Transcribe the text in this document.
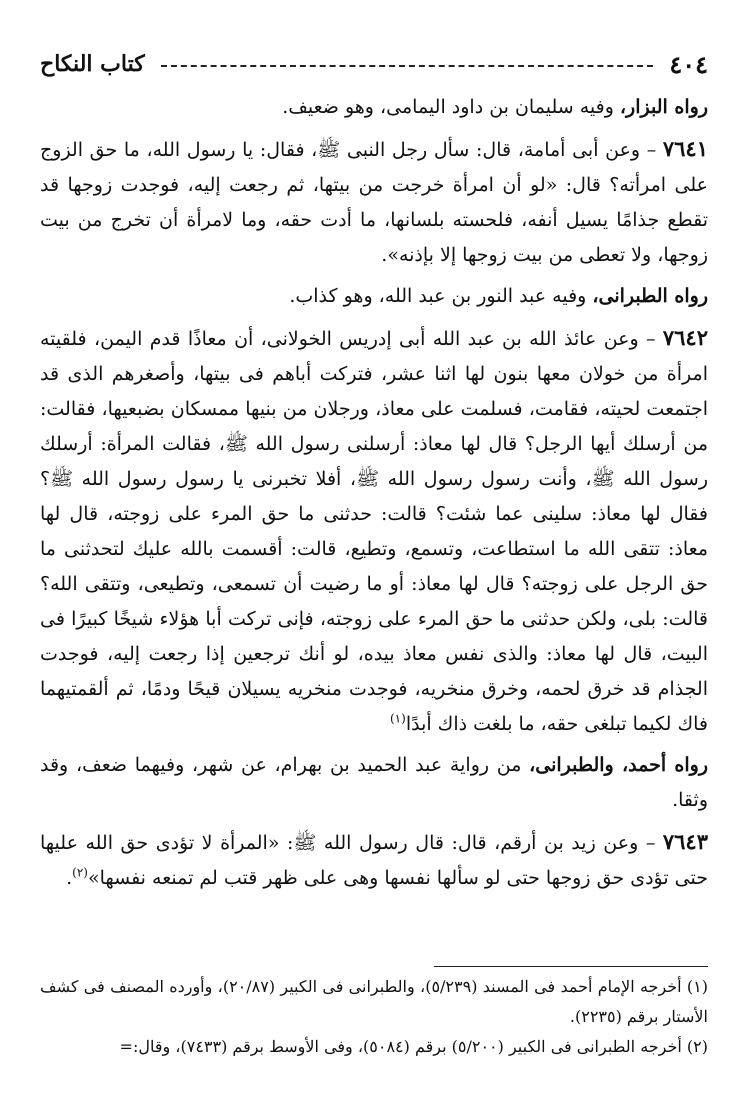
٤٠٤
كتاب النكاح

رواه البزار، وفيه سليمان بن داود اليمامى، وهو ضعيف.

٧٦٤١ – وعن أبى أمامة، قال: سأل رجل النبى ﷺ، فقال: يا رسول الله، ما حق الزوج على امرأته؟ قال: «لو أن امرأة خرجت من بيتها، ثم رجعت إليه، فوجدت زوجها قد تقطع جذامًا يسيل أنفه، فلحسته بلسانها، ما أدت حقه، وما لامرأة أن تخرج من بيت زوجها، ولا تعطى من بيت زوجها إلا بإذنه».

رواه الطبرانى، وفيه عبد النور بن عبد الله، وهو كذاب.

٧٦٤٢ – وعن عائذ الله بن عبد الله أبى إدريس الخولانى، أن معاذًا قدم اليمن، فلقيته امرأة من خولان معها بنون لها اثنا عشر، فتركت أباهم فى بيتها، وأصغرهم الذى قد اجتمعت لحيته، فقامت، فسلمت على معاذ، ورجلان من بنيها ممسكان بضبعيها، فقالت: من أرسلك أيها الرجل؟ قال لها معاذ: أرسلنى رسول الله ﷺ، فقالت المرأة: أرسلك رسول الله ﷺ، وأنت رسول رسول الله ﷺ، أفلا تخبرنى يا رسول رسول الله ﷺ؟ فقال لها معاذ: سلينى عما شئت؟ قالت: حدثنى ما حق المرء على زوجته، قال لها معاذ: تتقى الله ما استطاعت، وتسمع، وتطيع، قالت: أقسمت بالله عليك لتحدثنى ما حق الرجل على زوجته؟ قال لها معاذ: أو ما رضيت أن تسمعى، وتطيعى، وتتقى الله؟ قالت: بلى، ولكن حدثنى ما حق المرء على زوجته، فإنى تركت أبا هؤلاء شيخًا كبيرًا فى البيت، قال لها معاذ: والذى نفس معاذ بيده، لو أنك ترجعين إذا رجعت إليه، فوجدت الجذام قد خرق لحمه، وخرق منخريه، فوجدت منخريه يسيلان قيحًا ودمًا، ثم ألقمتيهما فاك لكيما تبلغى حقه، ما بلغت ذاك أبدًا$^{(١)}$

رواه أحمد، والطبرانى، من رواية عبد الحميد بن بهرام، عن شهر، وفيهما ضعف، وقد وثقا.

٧٦٤٣ – وعن زيد بن أرقم، قال: قال رسول الله ﷺ: «المرأة لا تؤدى حق الله عليها حتى تؤدى حق زوجها حتى لو سألها نفسها وهى على ظهر قتب لم تمنعه نفسها»$^{(٢)}$.

(١) أخرجه الإمام أحمد فى المسند (٥/٢٣٩)، والطبرانى فى الكبير (٢٠/٨٧)، وأورده المصنف فى كشف الأستار برقم (٢٢٣٥).
(٢) أخرجه الطبرانى فى الكبير (٥/٢٠٠) برقم (٥٠٨٤)، وفى الأوسط برقم (٧٤٣٣)، وقال:=
